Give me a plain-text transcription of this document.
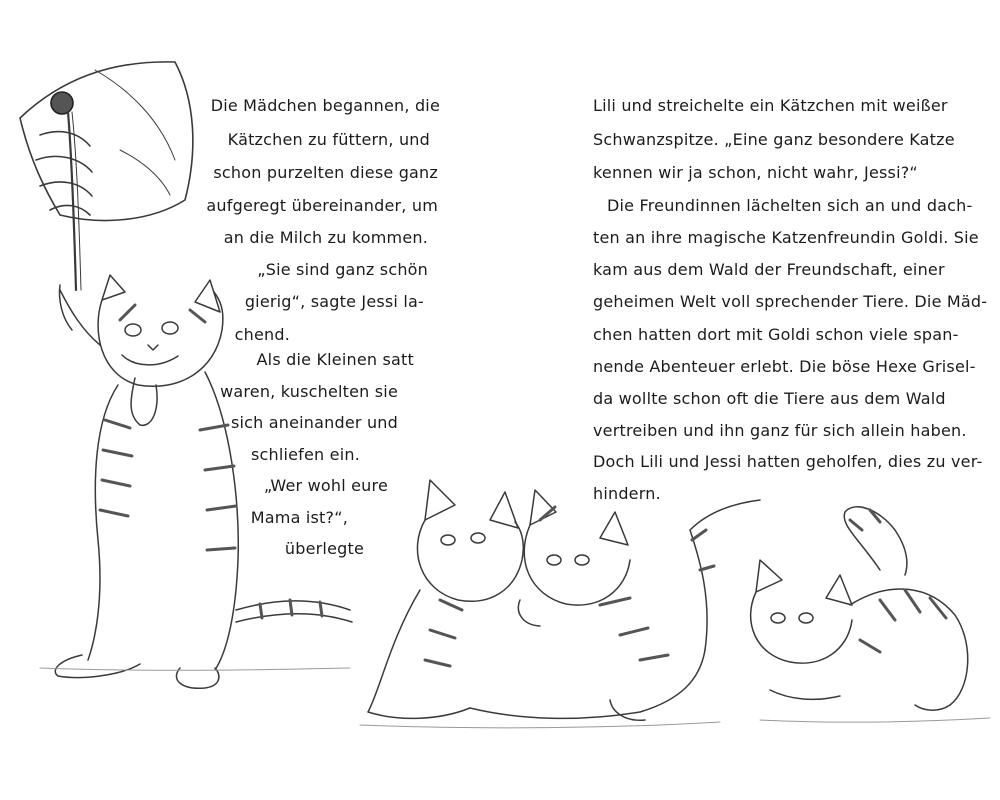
Die Mädchen begannen, die
Kätzchen zu füttern, und
schon purzelten diese ganz
aufgeregt übereinander, um
an die Milch zu kommen.
„Sie sind ganz schön
gierig“, sagte Jessi la-
chend.
Als die Kleinen satt
waren, kuschelten sie
sich aneinander und
schliefen ein.
„Wer wohl eure
Mama ist?“,
überlegte
Lili und streichelte ein Kätzchen mit weißer
Schwanzspitze. „Eine ganz besondere Katze
kennen wir ja schon, nicht wahr, Jessi?“
Die Freundinnen lächelten sich an und dach-
ten an ihre magische Katzenfreundin Goldi. Sie
kam aus dem Wald der Freundschaft, einer
geheimen Welt voll sprechender Tiere. Die Mäd-
chen hatten dort mit Goldi schon viele span-
nende Abenteuer erlebt. Die böse Hexe Grisel-
da wollte schon oft die Tiere aus dem Wald
vertreiben und ihn ganz für sich allein haben.
Doch Lili und Jessi hatten geholfen, dies zu ver-
hindern.
